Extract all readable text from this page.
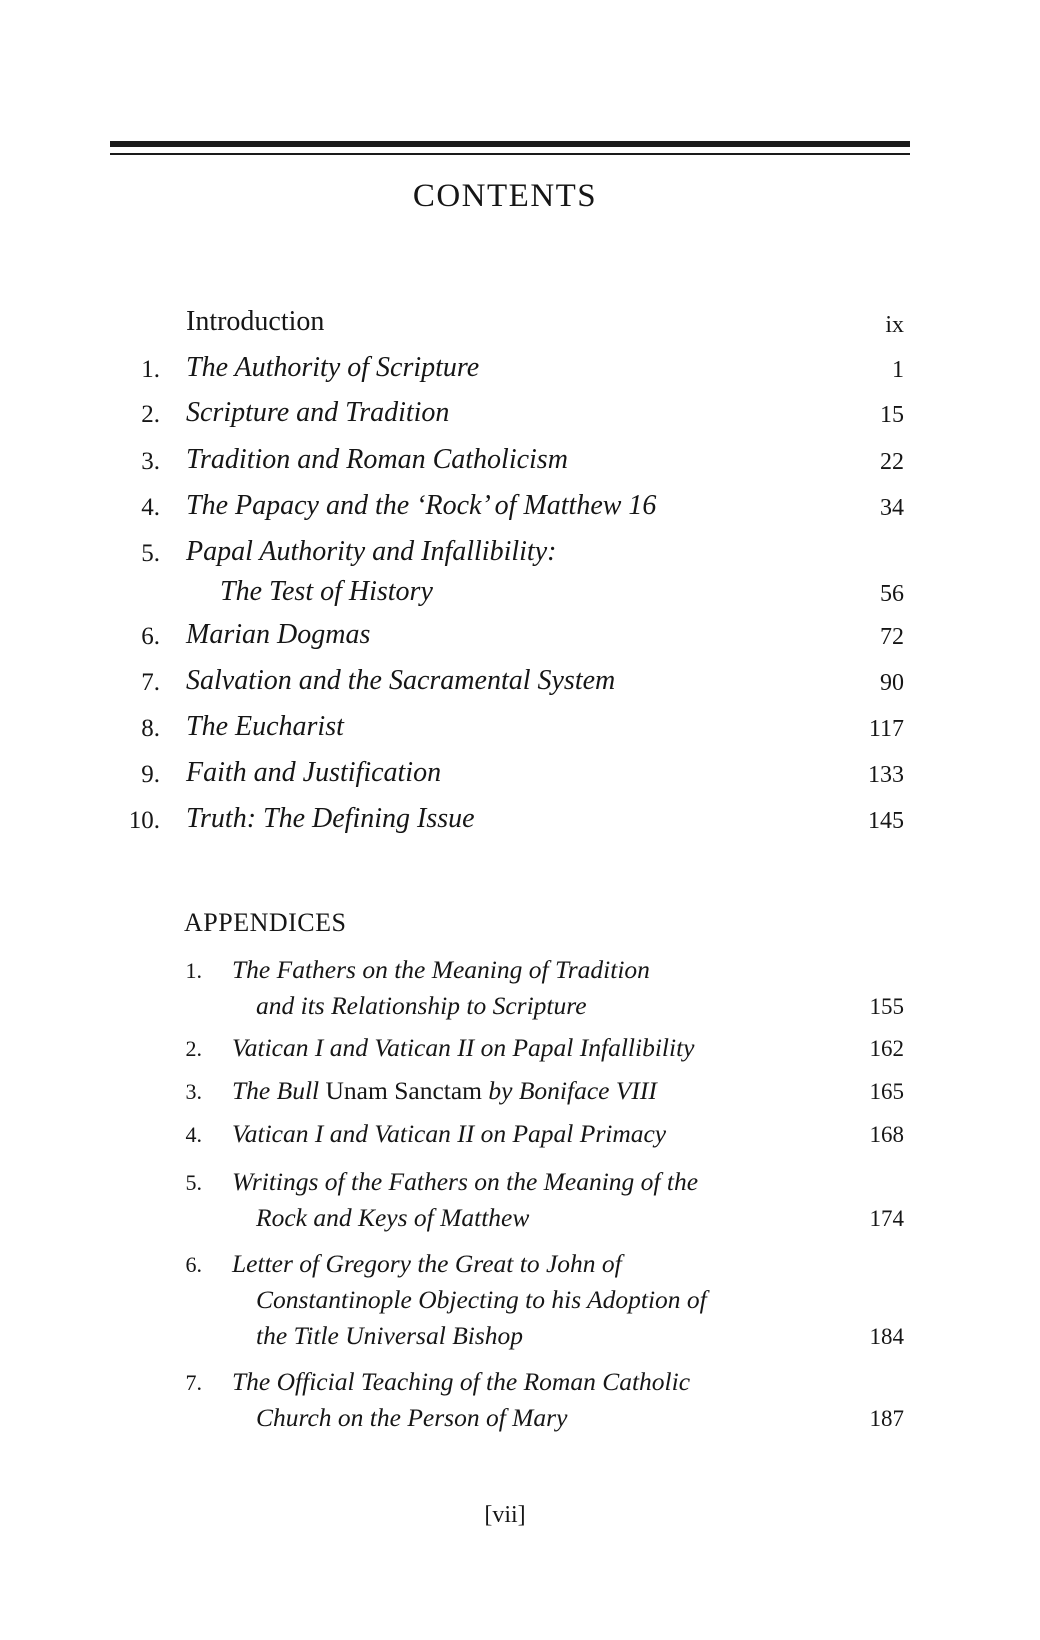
CONTENTS
Introduction	ix
1. The Authority of Scripture	1
2. Scripture and Tradition	15
3. Tradition and Roman Catholicism	22
4. The Papacy and the ‘Rock’ of Matthew 16	34
5. Papal Authority and Infallibility:
The Test of History	56
6. Marian Dogmas	72
7. Salvation and the Sacramental System	90
8. The Eucharist	117
9. Faith and Justification	133
10. Truth: The Defining Issue	145
APPENDICES
1. The Fathers on the Meaning of Tradition
and its Relationship to Scripture	155
2. Vatican I and Vatican II on Papal Infallibility	162
3. The Bull Unam Sanctam by Boniface VIII	165
4. Vatican I and Vatican II on Papal Primacy	168
5. Writings of the Fathers on the Meaning of the
Rock and Keys of Matthew	174
6. Letter of Gregory the Great to John of
Constantinople Objecting to his Adoption of
the Title Universal Bishop	184
7. The Official Teaching of the Roman Catholic
Church on the Person of Mary	187
[vii]
